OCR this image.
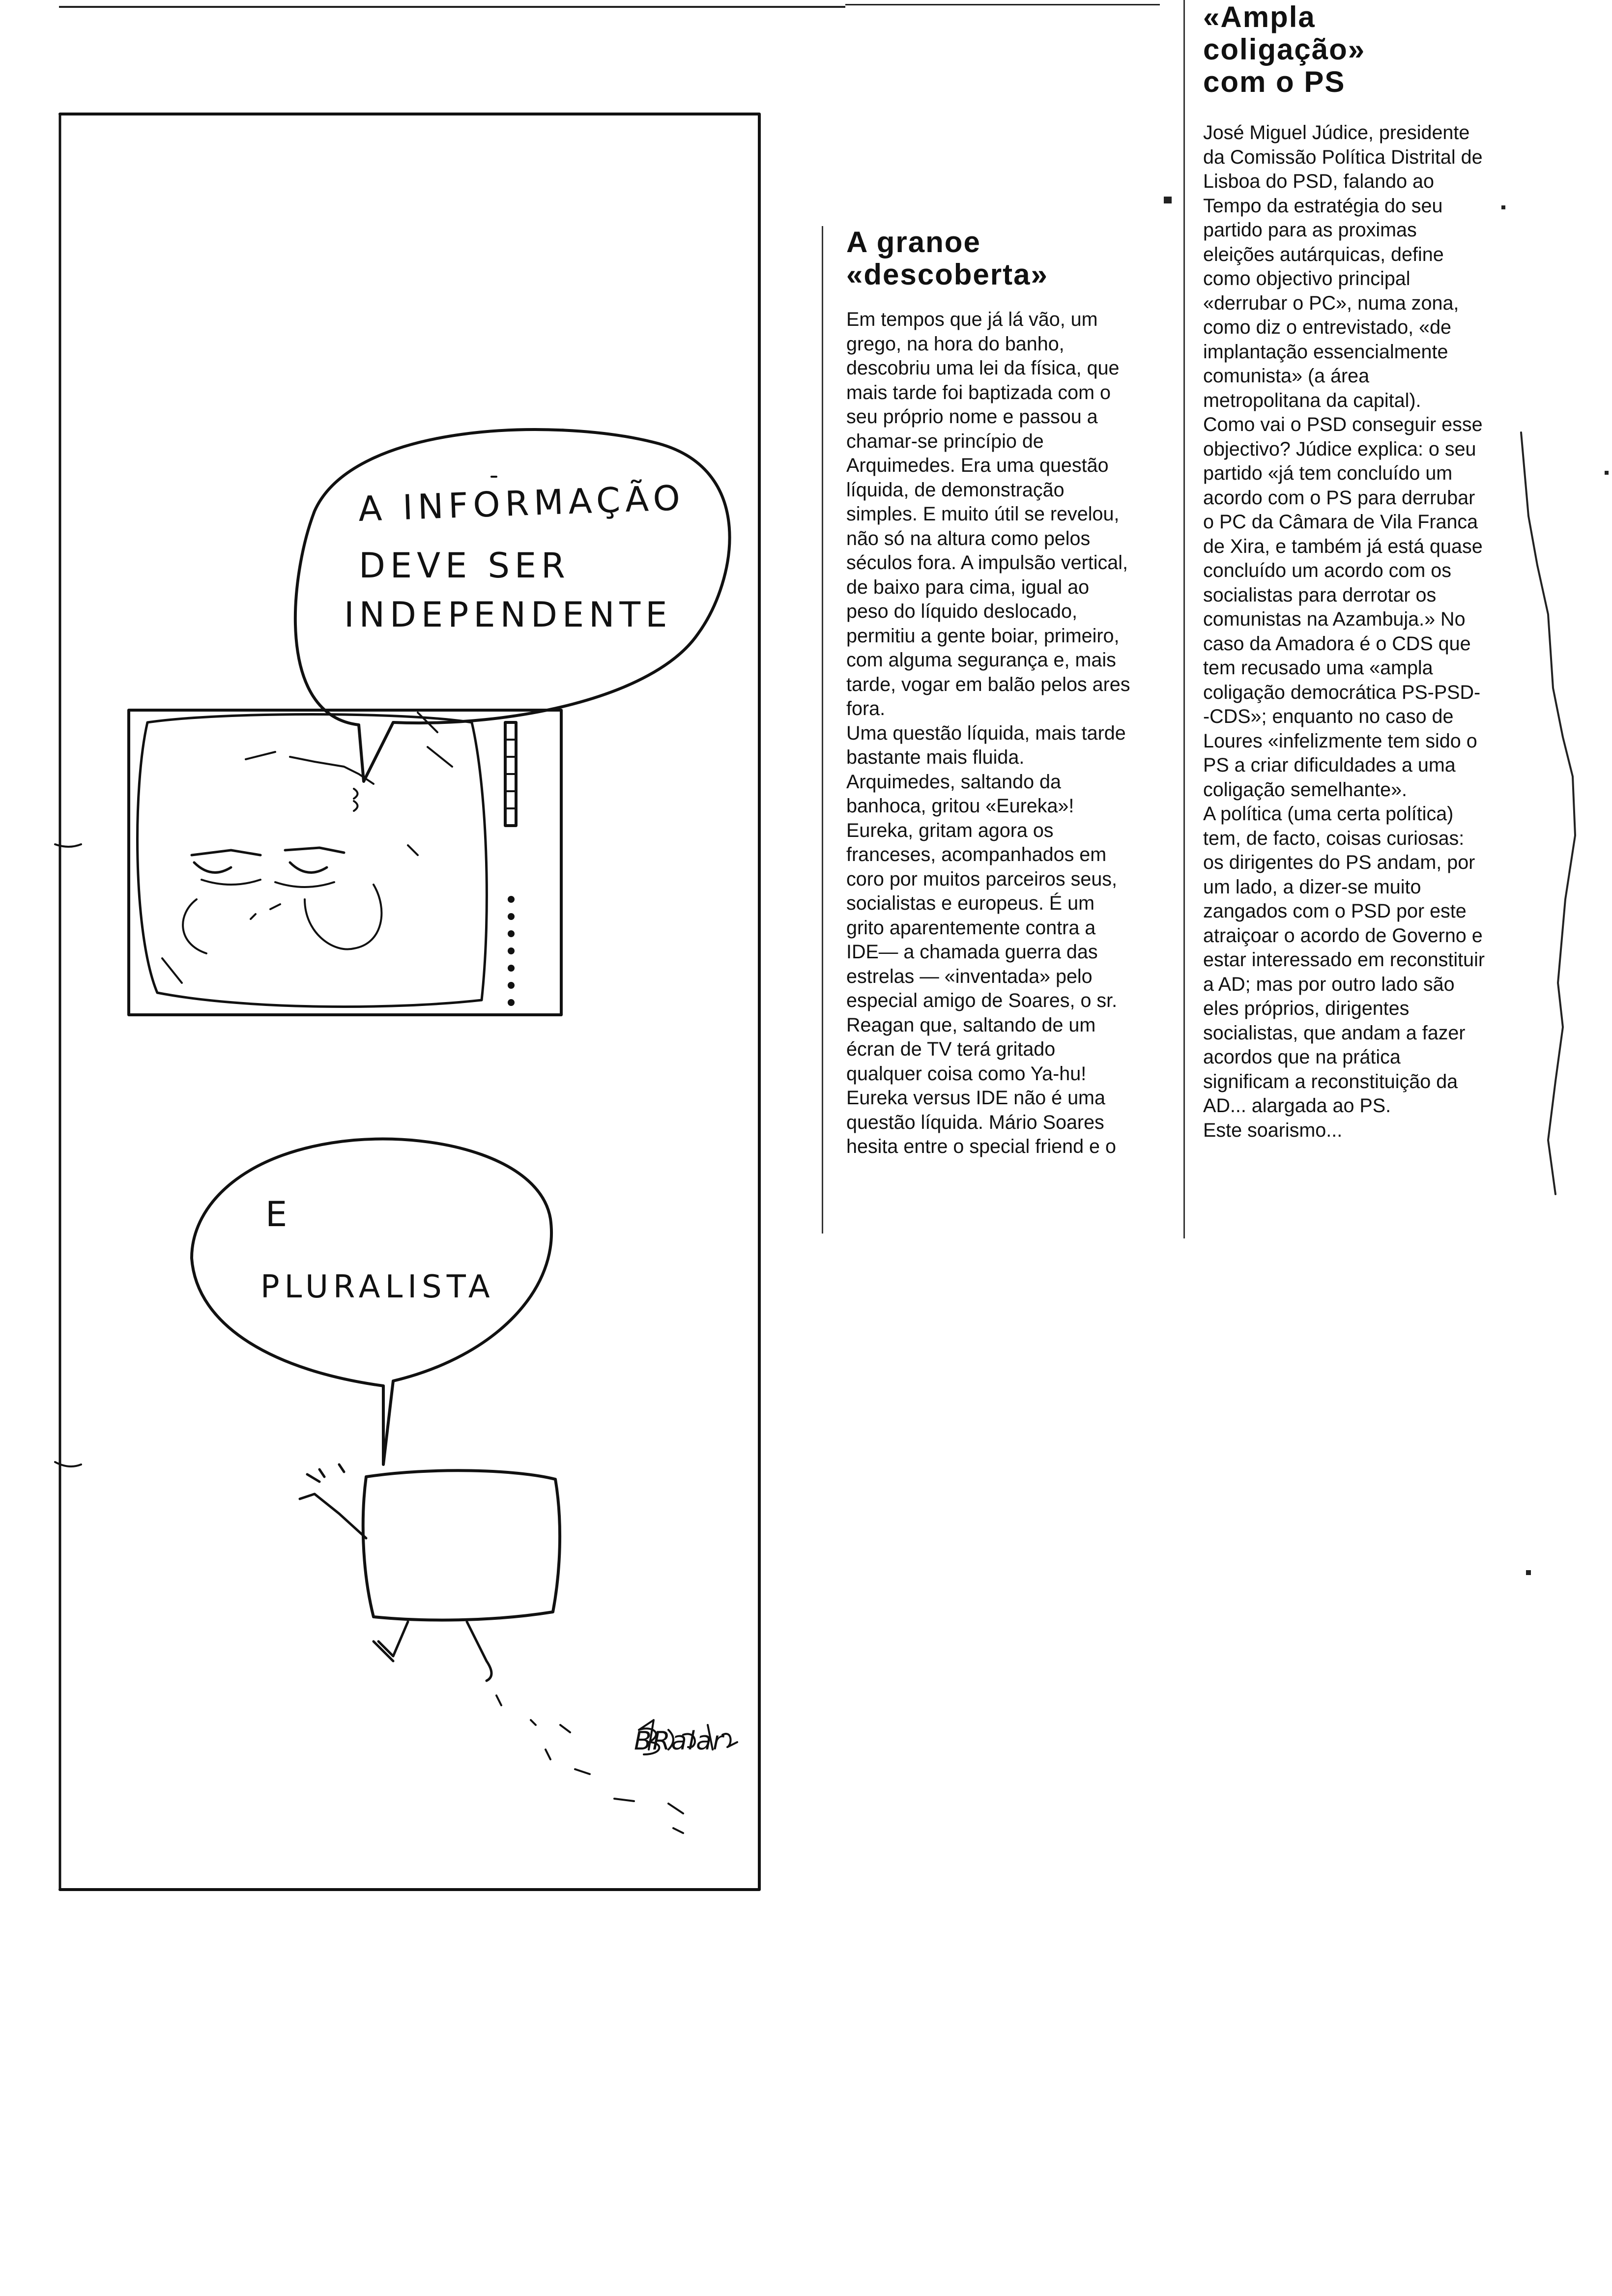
A INFORMAÇÃO
DEVE SER
INDEPENDENTE
E
PLURALISTA
BRalar
A granoe
«descoberta»
Em tempos que já lá vão, um
grego, na hora do banho,
descobriu uma lei da física, que
mais tarde foi baptizada com o
seu próprio nome e passou a
chamar-se princípio de
Arquimedes. Era uma questão
líquida, de demonstração
simples. E muito útil se revelou,
não só na altura como pelos
séculos fora. A impulsão vertical,
de baixo para cima, igual ao
peso do líquido deslocado,
permitiu a gente boiar, primeiro,
com alguma segurança e, mais
tarde, vogar em balão pelos ares
fora.
Uma questão líquida, mais tarde
bastante mais fluida.
Arquimedes, saltando da
banhoca, gritou «Eureka»!
Eureka, gritam agora os
franceses, acompanhados em
coro por muitos parceiros seus,
socialistas e europeus. É um
grito aparentemente contra a
IDE— a chamada guerra das
estrelas — «inventada» pelo
especial amigo de Soares, o sr.
Reagan que, saltando de um
écran de TV terá gritado
qualquer coisa como Ya-hu!
Eureka versus IDE não é uma
questão líquida. Mário Soares
hesita entre o special friend e o
«Ampla
coligação»
com o PS
José Miguel Júdice, presidente
da Comissão Política Distrital de
Lisboa do PSD, falando ao
Tempo da estratégia do seu
partido para as proximas
eleições autárquicas, define
como objectivo principal
«derrubar o PC», numa zona,
como diz o entrevistado, «de
implantação essencialmente
comunista» (a área
metropolitana da capital).
Como vai o PSD conseguir esse
objectivo? Júdice explica: o seu
partido «já tem concluído um
acordo com o PS para derrubar
o PC da Câmara de Vila Franca
de Xira, e também já está quase
concluído um acordo com os
socialistas para derrotar os
comunistas na Azambuja.» No
caso da Amadora é o CDS que
tem recusado uma «ampla
coligação democrática PS-PSD-
-CDS»; enquanto no caso de
Loures «infelizmente tem sido o
PS a criar dificuldades a uma
coligação semelhante».
A política (uma certa política)
tem, de facto, coisas curiosas:
os dirigentes do PS andam, por
um lado, a dizer-se muito
zangados com o PSD por este
atraiçoar o acordo de Governo e
estar interessado em reconstituir
a AD; mas por outro lado são
eles próprios, dirigentes
socialistas, que andam a fazer
acordos que na prática
significam a reconstituição da
AD... alargada ao PS.
Este soarismo...
